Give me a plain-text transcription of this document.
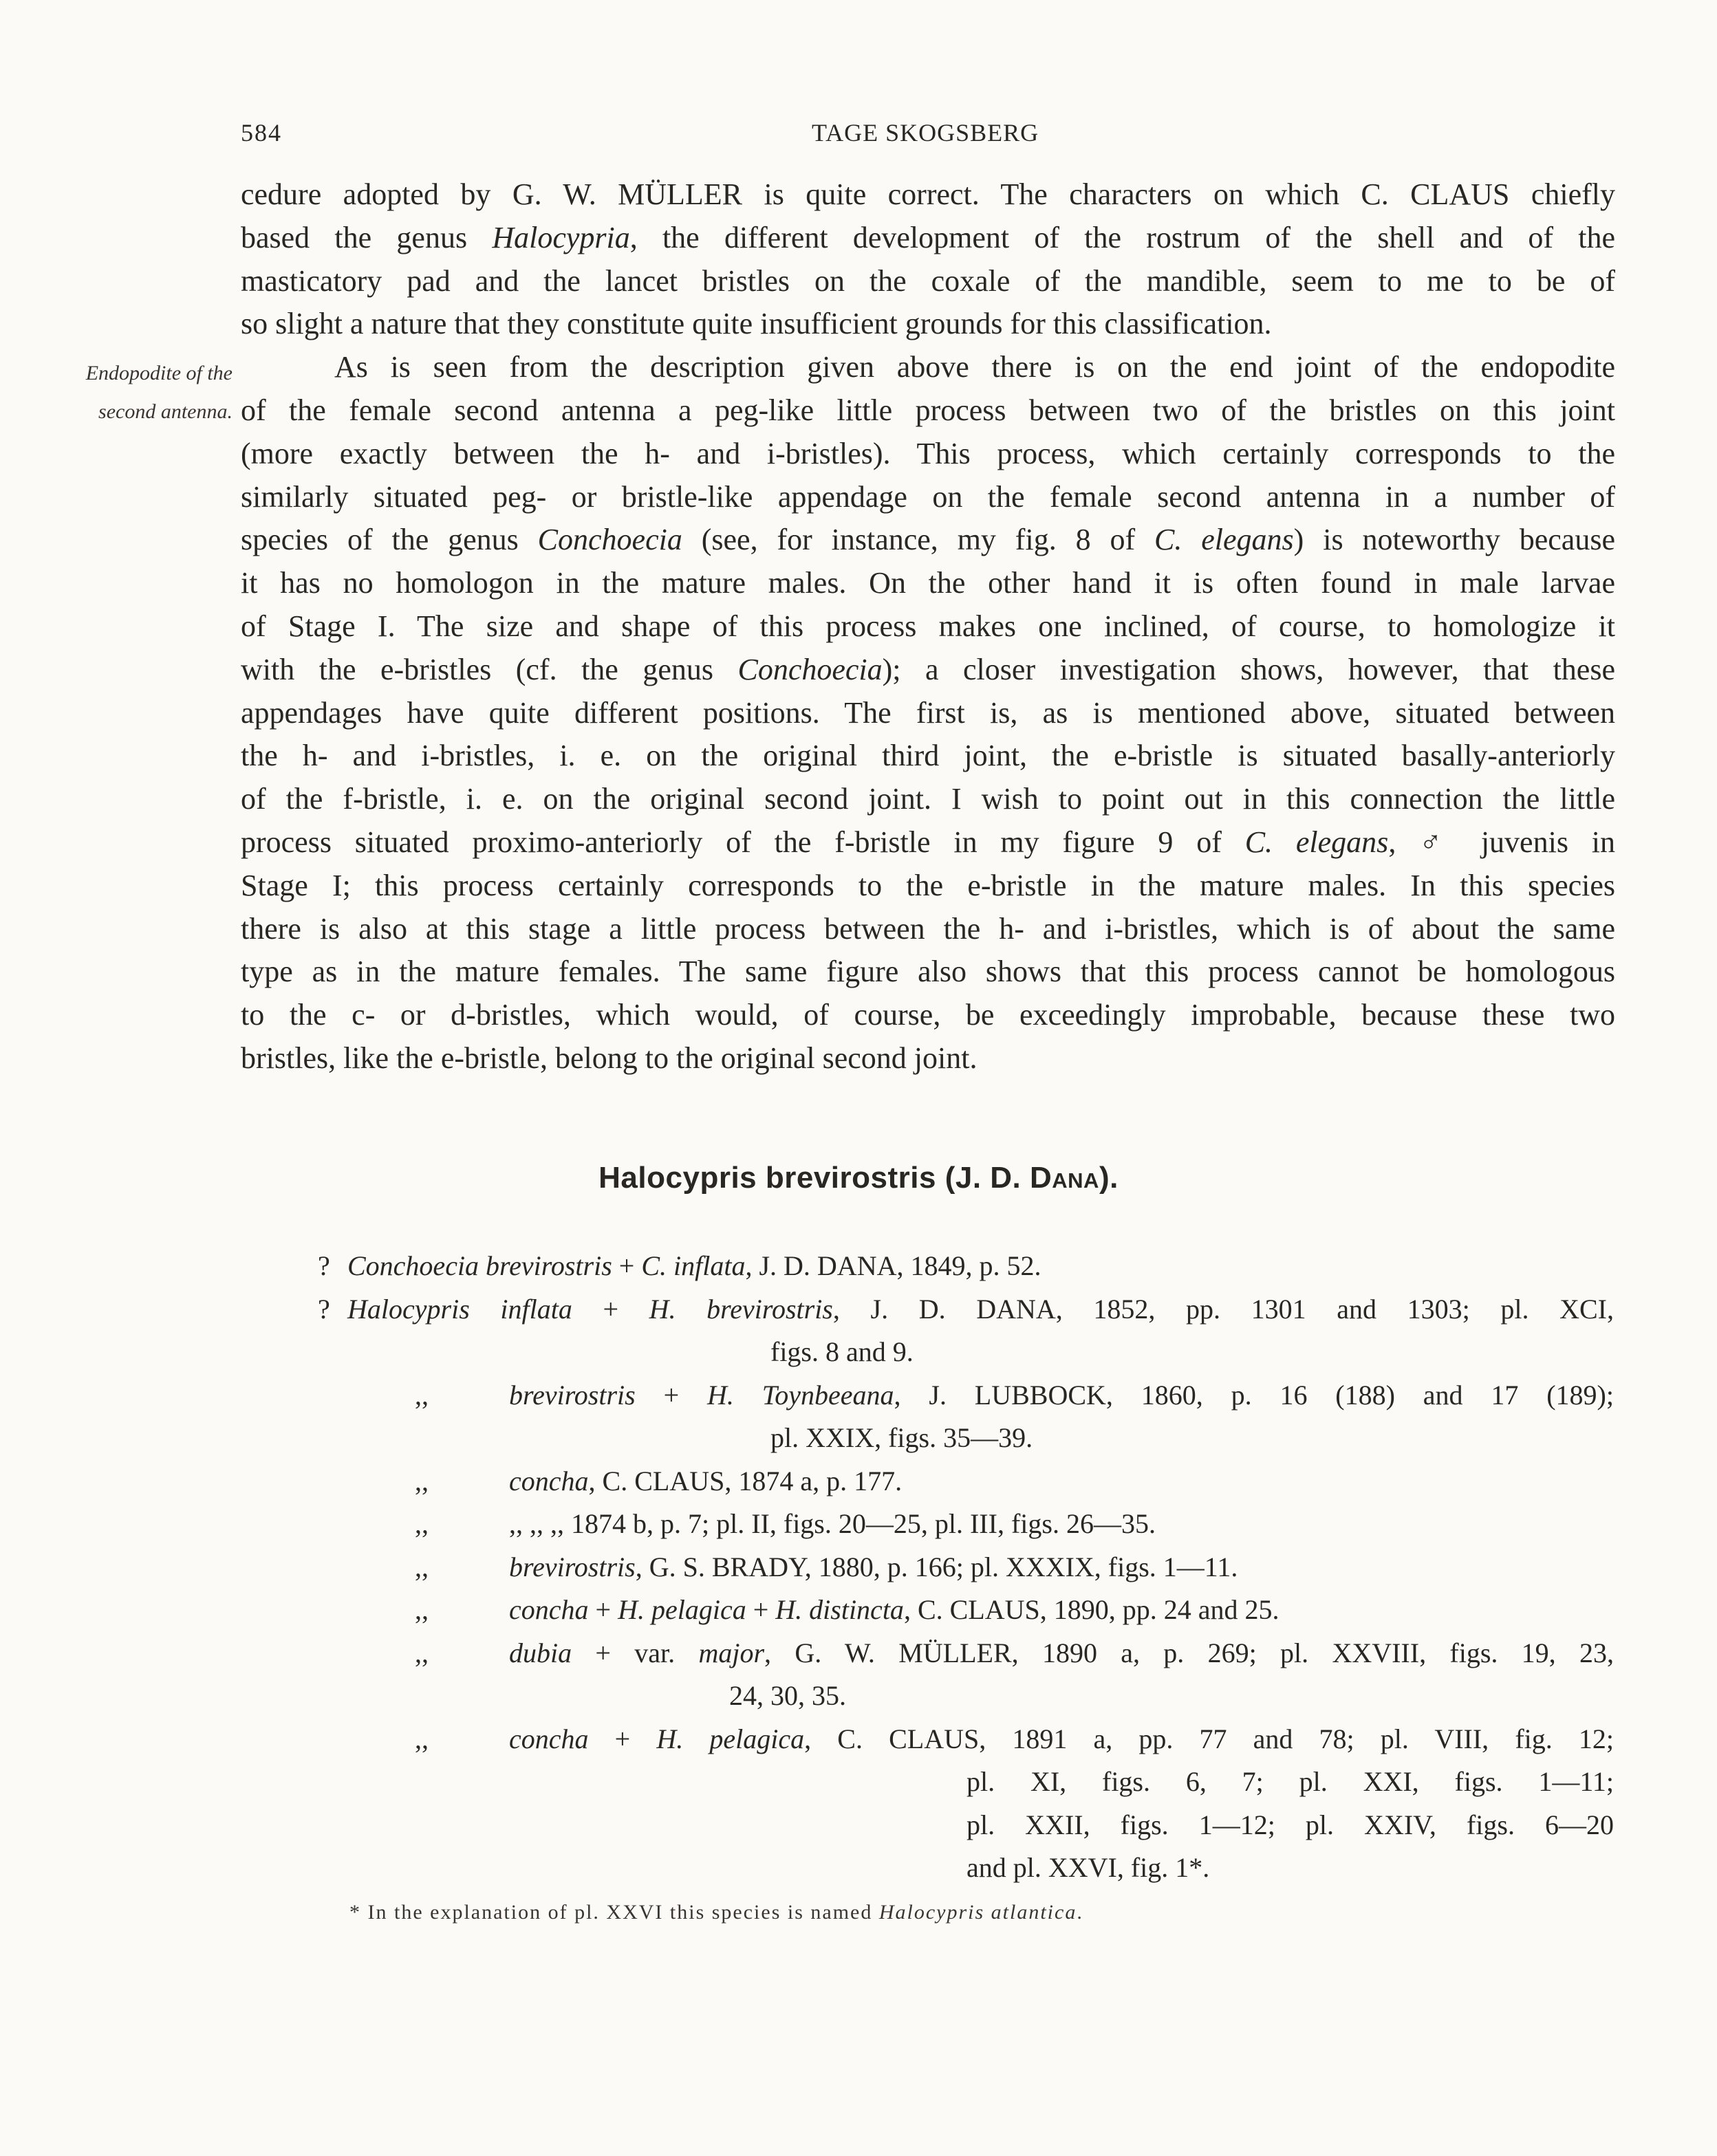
584	TAGE SKOGSBERG
Endopodite of the
second antenna.
cedure adopted by G. W. MÜLLER is quite correct. The characters on which C. CLAUS chiefly
based the genus Halocypria, the different development of the rostrum of the shell and of the
masticatory pad and the lancet bristles on the coxale of the mandible, seem to me to be of
so slight a nature that they constitute quite insufficient grounds for this classification.
As is seen from the description given above there is on the end joint of the endopodite
of the female second antenna a peg-like little process between two of the bristles on this joint
(more exactly between the h- and i-bristles). This process, which certainly corresponds to the
similarly situated peg- or bristle-like appendage on the female second antenna in a number of
species of the genus Conchoecia (see, for instance, my fig. 8 of C. elegans) is noteworthy because
it has no homologon in the mature males. On the other hand it is often found in male larvae
of Stage I. The size and shape of this process makes one inclined, of course, to homologize it
with the e-bristles (cf. the genus Conchoecia); a closer investigation shows, however, that these
appendages have quite different positions. The first is, as is mentioned above, situated between
the h- and i-bristles, i. e. on the original third joint, the e-bristle is situated basally-anteriorly
of the f-bristle, i. e. on the original second joint. I wish to point out in this connection the little
process situated proximo-anteriorly of the f-bristle in my figure 9 of C. elegans, ♂ juvenis in
Stage I; this process certainly corresponds to the e-bristle in the mature males. In this species
there is also at this stage a little process between the h- and i-bristles, which is of about the same
type as in the mature females. The same figure also shows that this process cannot be homologous
to the c- or d-bristles, which would, of course, be exceedingly improbable, because these two
bristles, like the e-bristle, belong to the original second joint.
Halocypris brevirostris (J. D. Dana).
? Conchoecia brevirostris + C. inflata, J. D. DANA, 1849, p. 52.
? Halocypris inflata + H. brevirostris, J. D. DANA, 1852, pp. 1301 and 1303; pl. XCI,
figs. 8 and 9.
,,	brevirostris + H. Toynbeeana, J. LUBBOCK, 1860, p. 16 (188) and 17 (189);
pl. XXIX, figs. 35—39.
,,	concha, C. CLAUS, 1874 a, p. 177.
,,	,, ,, ,, 1874 b, p. 7; pl. II, figs. 20—25, pl. III, figs. 26—35.
,,	brevirostris, G. S. BRADY, 1880, p. 166; pl. XXXIX, figs. 1—11.
,,	concha + H. pelagica + H. distincta, C. CLAUS, 1890, pp. 24 and 25.
,,	dubia + var. major, G. W. MÜLLER, 1890 a, p. 269; pl. XXVIII, figs. 19, 23,
24, 30, 35.
,,	concha + H. pelagica, C. CLAUS, 1891 a, pp. 77 and 78; pl. VIII, fig. 12;
pl. XI, figs. 6, 7; pl. XXI, figs. 1—11;
pl. XXII, figs. 1—12; pl. XXIV, figs. 6—20
and pl. XXVI, fig. 1*.
* In the explanation of pl. XXVI this species is named Halocypris atlantica.
